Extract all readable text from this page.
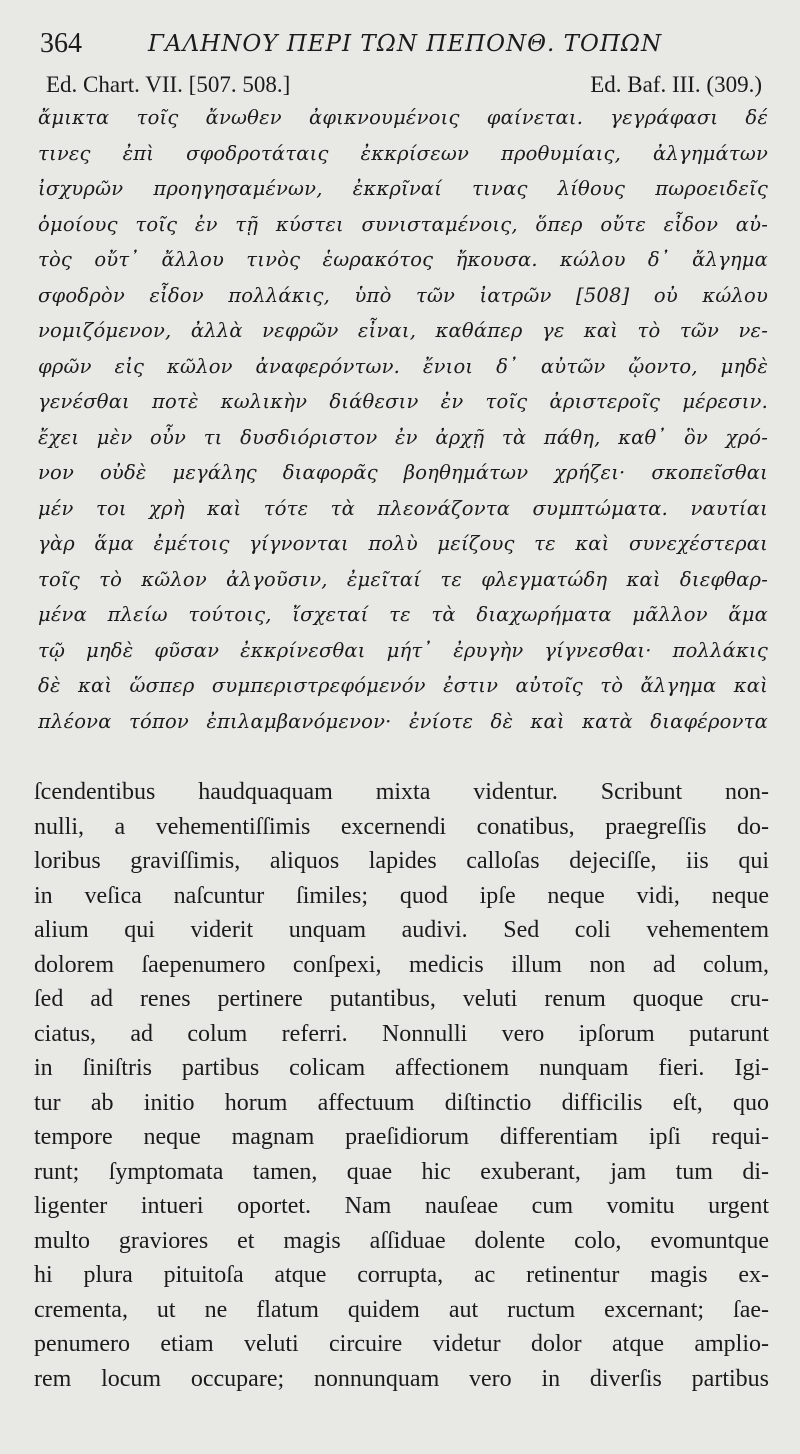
364	ΓΑΛΗΝΟΥ ΠΕΡΙ ΤΩΝ ΠΕΠΟΝΘ. ΤΟΠΩΝ
Ed. Chart. VII. [507. 508.]	Ed. Baf. III. (309.)
ἄμικτα τοῖς ἄνωθεν ἀφικνουμένοις φαίνεται. γεγράφασι δέ
τινες ἐπὶ σφοδροτάταις ἐκκρίσεων προθυμίαις, ἀλγημάτων
ἰσχυρῶν προηγησαμένων, ἐκκρῖναί τινας λίθους πωροειδεῖς
ὁμοίους τοῖς ἐν τῇ κύστει συνισταμένοις, ὅπερ οὔτε εἶδον αὐ-
τὸς οὔτ᾽ ἄλλου τινὸς ἑωρακότος ἤκουσα. κώλου δ᾽ ἄλγημα
σφοδρὸν εἶδον πολλάκις, ὑπὸ τῶν ἰατρῶν [508] οὐ κώλου
νομιζόμενον, ἀλλὰ νεφρῶν εἶναι, καθάπερ γε καὶ τὸ τῶν νε-
φρῶν εἰς κῶλον ἀναφερόντων. ἔνιοι δ᾽ αὐτῶν ᾤοντο, μηδὲ
γενέσθαι ποτὲ κωλικὴν διάθεσιν ἐν τοῖς ἀριστεροῖς μέρεσιν.
ἔχει μὲν οὖν τι δυσδιόριστον ἐν ἀρχῇ τὰ πάθη, καθ᾽ ὃν χρό-
νον οὐδὲ μεγάλης διαφορᾶς βοηθημάτων χρήζει· σκοπεῖσθαι
μέν τοι χρὴ καὶ τότε τὰ πλεονάζοντα συμπτώματα. ναυτίαι
γὰρ ἅμα ἐμέτοις γίγνονται πολὺ μείζους τε καὶ συνεχέστεραι
τοῖς τὸ κῶλον ἀλγοῦσιν, ἐμεῖταί τε φλεγματώδη καὶ διεφθαρ-
μένα πλείω τούτοις, ἴσχεταί τε τὰ διαχωρήματα μᾶλλον ἅμα
τῷ μηδὲ φῦσαν ἐκκρίνεσθαι μήτ᾽ ἐρυγὴν γίγνεσθαι· πολλάκις
δὲ καὶ ὥσπερ συμπεριστρεφόμενόν ἐστιν αὐτοῖς τὸ ἄλγημα καὶ
πλέονα τόπον ἐπιλαμβανόμενον· ἐνίοτε δὲ καὶ κατὰ διαφέροντα
ſcendentibus haudquaquam mixta videntur. Scribunt non-
nulli, a vehementiſſimis excernendi conatibus, praegreſſis do-
loribus graviſſimis, aliquos lapides calloſas dejeciſſe, iis qui
in veſica naſcuntur ſimiles; quod ipſe neque vidi, neque
alium qui viderit unquam audivi. Sed coli vehementem
dolorem ſaepenumero conſpexi, medicis illum non ad colum,
ſed ad renes pertinere putantibus, veluti renum quoque cru-
ciatus, ad colum referri. Nonnulli vero ipſorum putarunt
in ſiniſtris partibus colicam affectionem nunquam fieri. Igi-
tur ab initio horum affectuum diſtinctio difficilis eſt, quo
tempore neque magnam praeſidiorum differentiam ipſi requi-
runt; ſymptomata tamen, quae hic exuberant, jam tum di-
ligenter intueri oportet. Nam nauſeae cum vomitu urgent
multo graviores et magis aſſiduae dolente colo, evomuntque
hi plura pituitoſa atque corrupta, ac retinentur magis ex-
crementa, ut ne flatum quidem aut ructum excernant; ſae-
penumero etiam veluti circuire videtur dolor atque amplio-
rem locum occupare; nonnunquam vero in diverſis partibus
